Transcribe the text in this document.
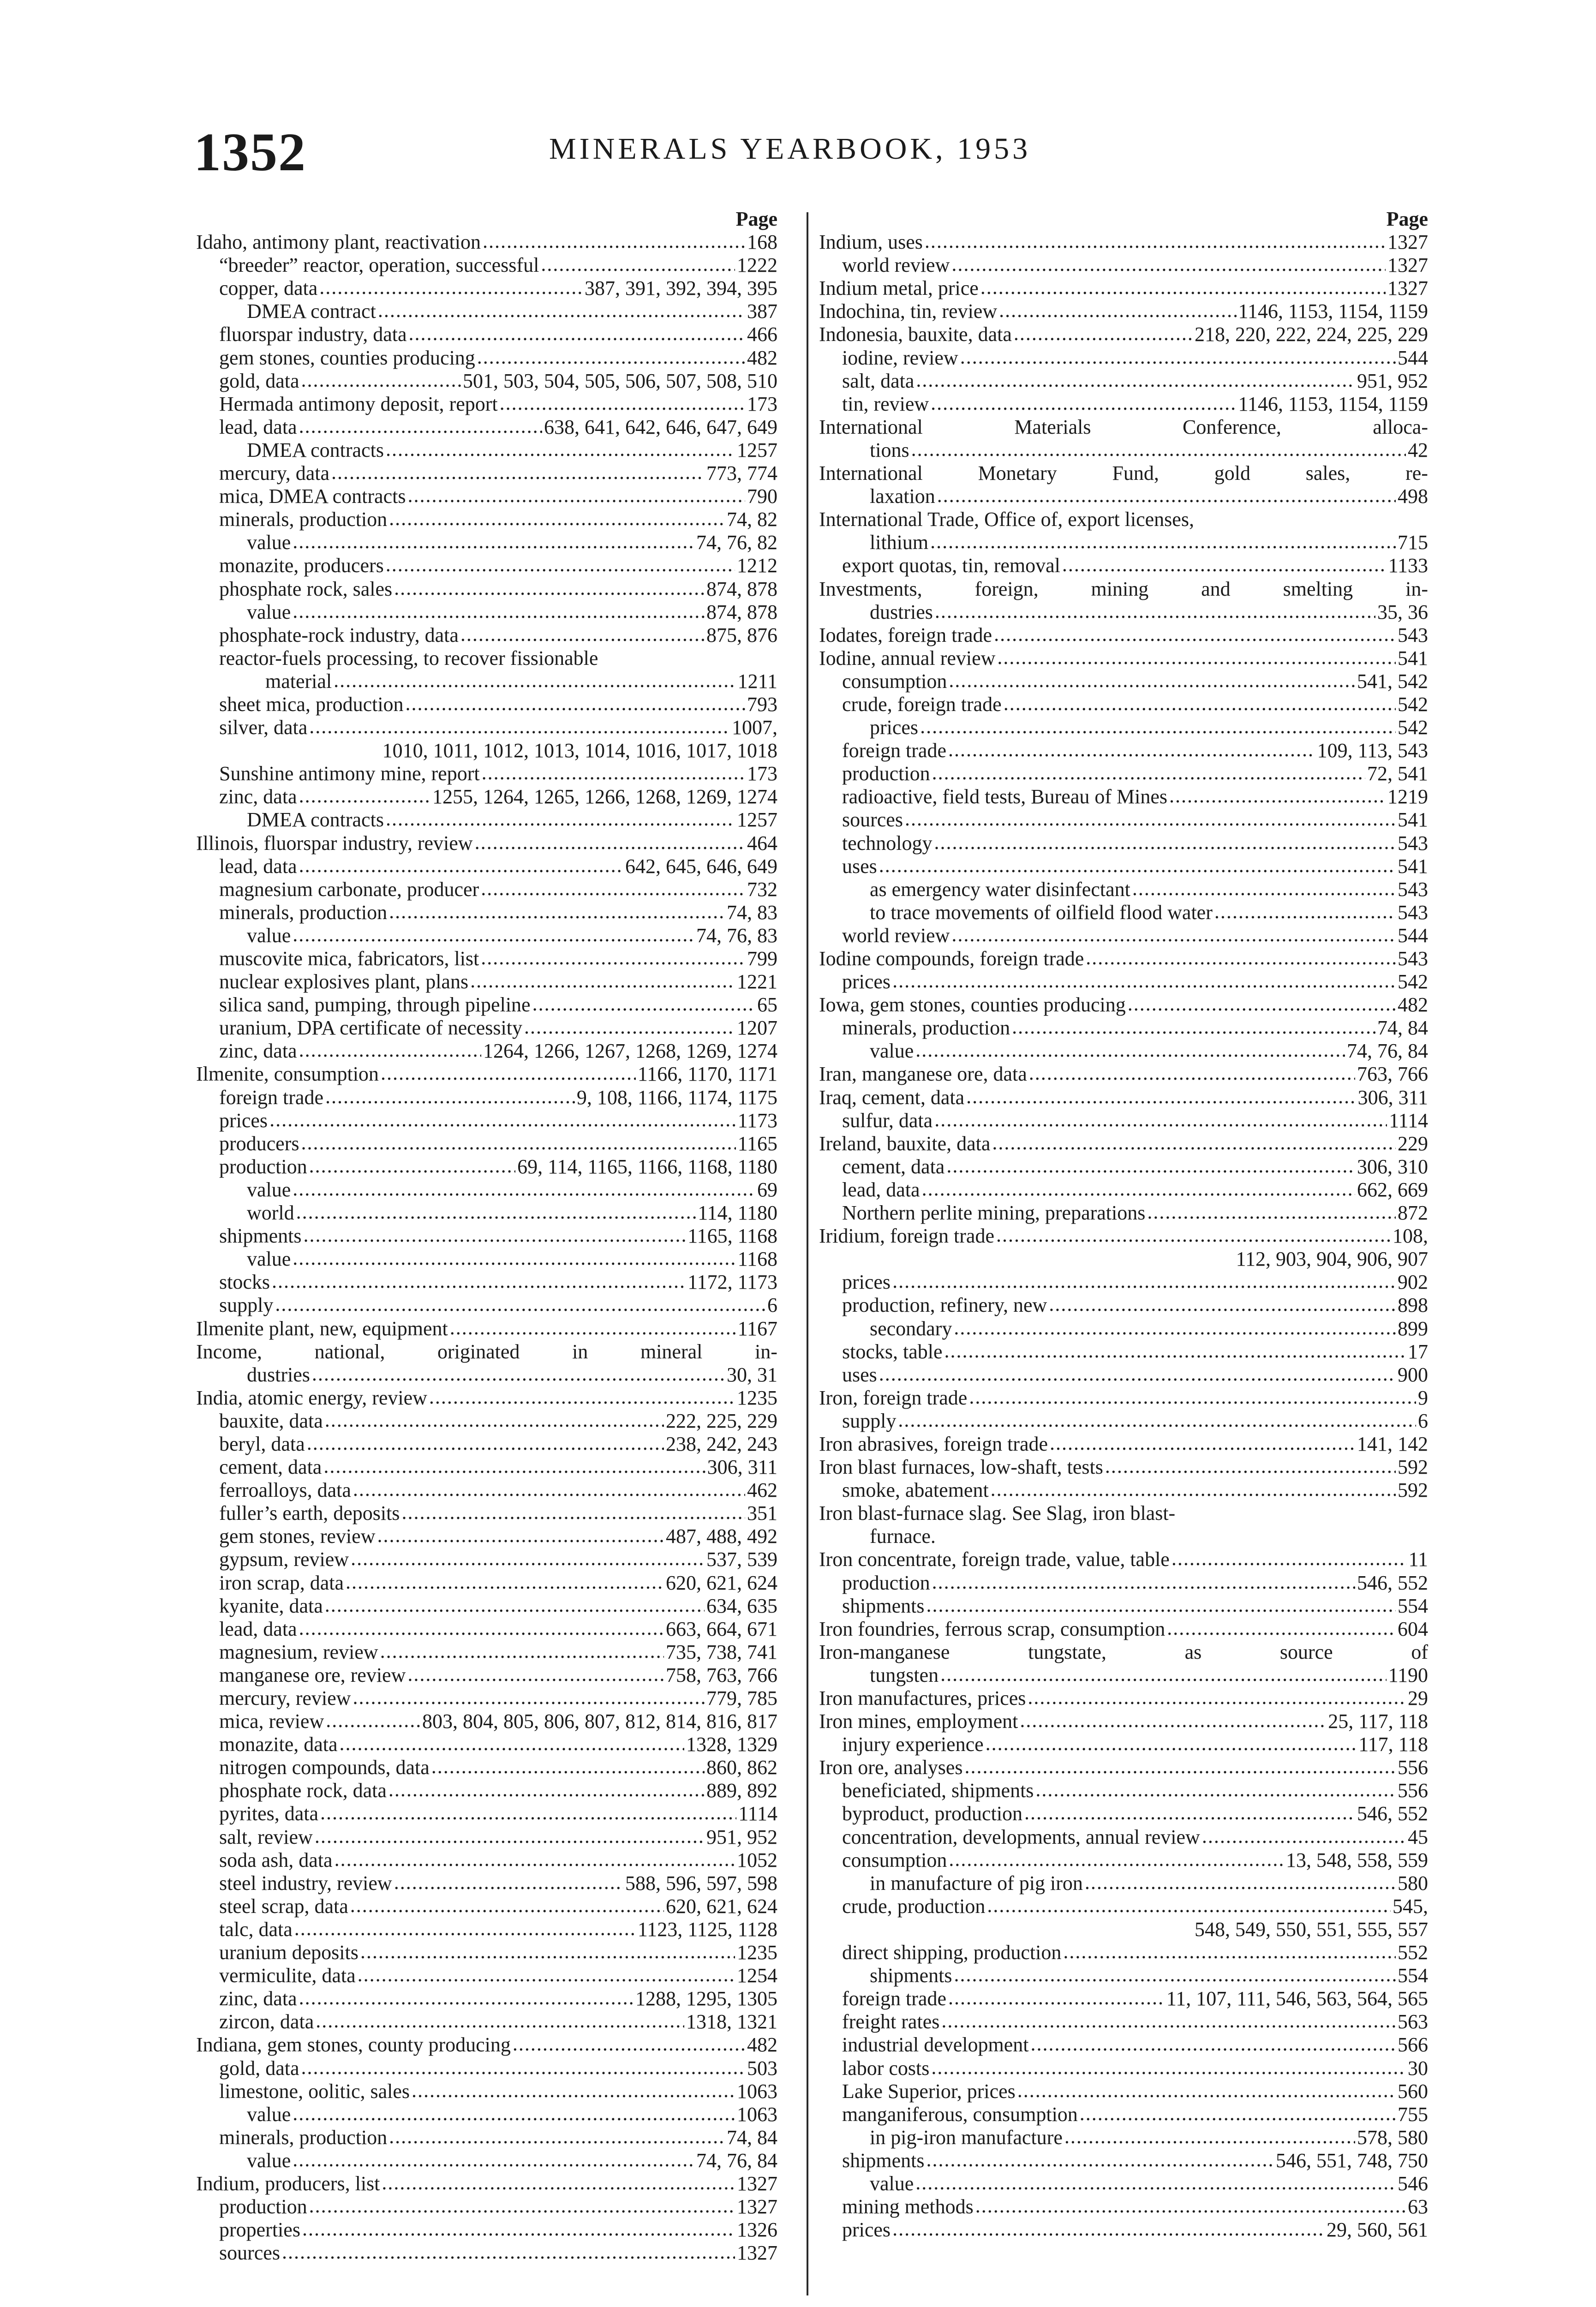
1352	MINERALS YEARBOOK, 1953
Page
Idaho, antimony plant, reactivation .....	168
“breeder” reactor, operation, successful .....	1222
copper, data .....	387, 391, 392, 394, 395
DMEA contract .....	387
fluorspar industry, data .....	466
gem stones, counties producing .....	482
gold, data .....	501, 503, 504, 505, 506, 507, 508, 510
Hermada antimony deposit, report .....	173
lead, data .....	638, 641, 642, 646, 647, 649
DMEA contracts .....	1257
mercury, data .....	773, 774
mica, DMEA contracts .....	790
minerals, production .....	74, 82
value .....	74, 76, 82
monazite, producers .....	1212
phosphate rock, sales .....	874, 878
value .....	874, 878
phosphate-rock industry, data .....	875, 876
reactor-fuels processing, to recover fissionable
material .....	1211
sheet mica, production .....	793
silver, data .....	1007,
1010, 1011, 1012, 1013, 1014, 1016, 1017, 1018
Sunshine antimony mine, report .....	173
zinc, data .....	1255, 1264, 1265, 1266, 1268, 1269, 1274
DMEA contracts .....	1257
Illinois, fluorspar industry, review .....	464
lead, data .....	642, 645, 646, 649
magnesium carbonate, producer .....	732
minerals, production .....	74, 83
value .....	74, 76, 83
muscovite mica, fabricators, list .....	799
nuclear explosives plant, plans .....	1221
silica sand, pumping, through pipeline .....	65
uranium, DPA certificate of necessity .....	1207
zinc, data .....	1264, 1266, 1267, 1268, 1269, 1274
Ilmenite, consumption .....	1166, 1170, 1171
foreign trade .....	9, 108, 1166, 1174, 1175
prices .....	1173
producers .....	1165
production .....	69, 114, 1165, 1166, 1168, 1180
value .....	69
world .....	114, 1180
shipments .....	1165, 1168
value .....	1168
stocks .....	1172, 1173
supply .....	6
Ilmenite plant, new, equipment .....	1167
Income,	national,	originated	in	mineral	in-
dustries .....	30, 31
India, atomic energy, review .....	1235
bauxite, data .....	222, 225, 229
beryl, data .....	238, 242, 243
cement, data .....	306, 311
ferroalloys, data .....	462
fuller’s earth, deposits .....	351
gem stones, review .....	487, 488, 492
gypsum, review .....	537, 539
iron scrap, data .....	620, 621, 624
kyanite, data .....	634, 635
lead, data .....	663, 664, 671
magnesium, review .....	735, 738, 741
manganese ore, review .....	758, 763, 766
mercury, review .....	779, 785
mica, review .....	803, 804, 805, 806, 807, 812, 814, 816, 817
monazite, data .....	1328, 1329
nitrogen compounds, data .....	860, 862
phosphate rock, data .....	889, 892
pyrites, data .....	1114
salt, review .....	951, 952
soda ash, data .....	1052
steel industry, review .....	588, 596, 597, 598
steel scrap, data .....	620, 621, 624
talc, data .....	1123, 1125, 1128
uranium deposits .....	1235
vermiculite, data .....	1254
zinc, data .....	1288, 1295, 1305
zircon, data .....	1318, 1321
Indiana, gem stones, county producing .....	482
gold, data .....	503
limestone, oolitic, sales .....	1063
value .....	1063
minerals, production .....	74, 84
value .....	74, 76, 84
Indium, producers, list .....	1327
production .....	1327
properties .....	1326
sources .....	1327
Page
Indium, uses .....	1327
world review .....	1327
Indium metal, price .....	1327
Indochina, tin, review .....	1146, 1153, 1154, 1159
Indonesia, bauxite, data .....	218, 220, 222, 224, 225, 229
iodine, review .....	544
salt, data .....	951, 952
tin, review .....	1146, 1153, 1154, 1159
International	Materials	Conference,	alloca-
tions .....	42
International	Monetary	Fund,	gold	sales,	re-
laxation .....	498
International Trade, Office of, export licenses,
lithium .....	715
export quotas, tin, removal .....	1133
Investments,	foreign,	mining	and	smelting	in-
dustries .....	35, 36
Iodates, foreign trade .....	543
Iodine, annual review .....	541
consumption .....	541, 542
crude, foreign trade .....	542
prices .....	542
foreign trade .....	109, 113, 543
production .....	72, 541
radioactive, field tests, Bureau of Mines .....	1219
sources .....	541
technology .....	543
uses .....	541
as emergency water disinfectant .....	543
to trace movements of oilfield flood water .....	543
world review .....	544
Iodine compounds, foreign trade .....	543
prices .....	542
Iowa, gem stones, counties producing .....	482
minerals, production .....	74, 84
value .....	74, 76, 84
Iran, manganese ore, data .....	763, 766
Iraq, cement, data .....	306, 311
sulfur, data .....	1114
Ireland, bauxite, data .....	229
cement, data .....	306, 310
lead, data .....	662, 669
Northern perlite mining, preparations .....	872
Iridium, foreign trade .....	108,
112, 903, 904, 906, 907
prices .....	902
production, refinery, new .....	898
secondary .....	899
stocks, table .....	17
uses .....	900
Iron, foreign trade .....	9
supply .....	6
Iron abrasives, foreign trade .....	141, 142
Iron blast furnaces, low-shaft, tests .....	592
smoke, abatement .....	592
Iron blast-furnace slag. See Slag, iron blast-
furnace.
Iron concentrate, foreign trade, value, table .....	11
production .....	546, 552
shipments .....	554
Iron foundries, ferrous scrap, consumption .....	604
Iron-manganese	tungstate,	as	source	of
tungsten .....	1190
Iron manufactures, prices .....	29
Iron mines, employment .....	25, 117, 118
injury experience .....	117, 118
Iron ore, analyses .....	556
beneficiated, shipments .....	556
byproduct, production .....	546, 552
concentration, developments, annual review .....	45
consumption .....	13, 548, 558, 559
in manufacture of pig iron .....	580
crude, production .....	545,
548, 549, 550, 551, 555, 557
direct shipping, production .....	552
shipments .....	554
foreign trade .....	11, 107, 111, 546, 563, 564, 565
freight rates .....	563
industrial development .....	566
labor costs .....	30
Lake Superior, prices .....	560
manganiferous, consumption .....	755
in pig-iron manufacture .....	578, 580
shipments .....	546, 551, 748, 750
value .....	546
mining methods .....	63
prices .....	29, 560, 561
